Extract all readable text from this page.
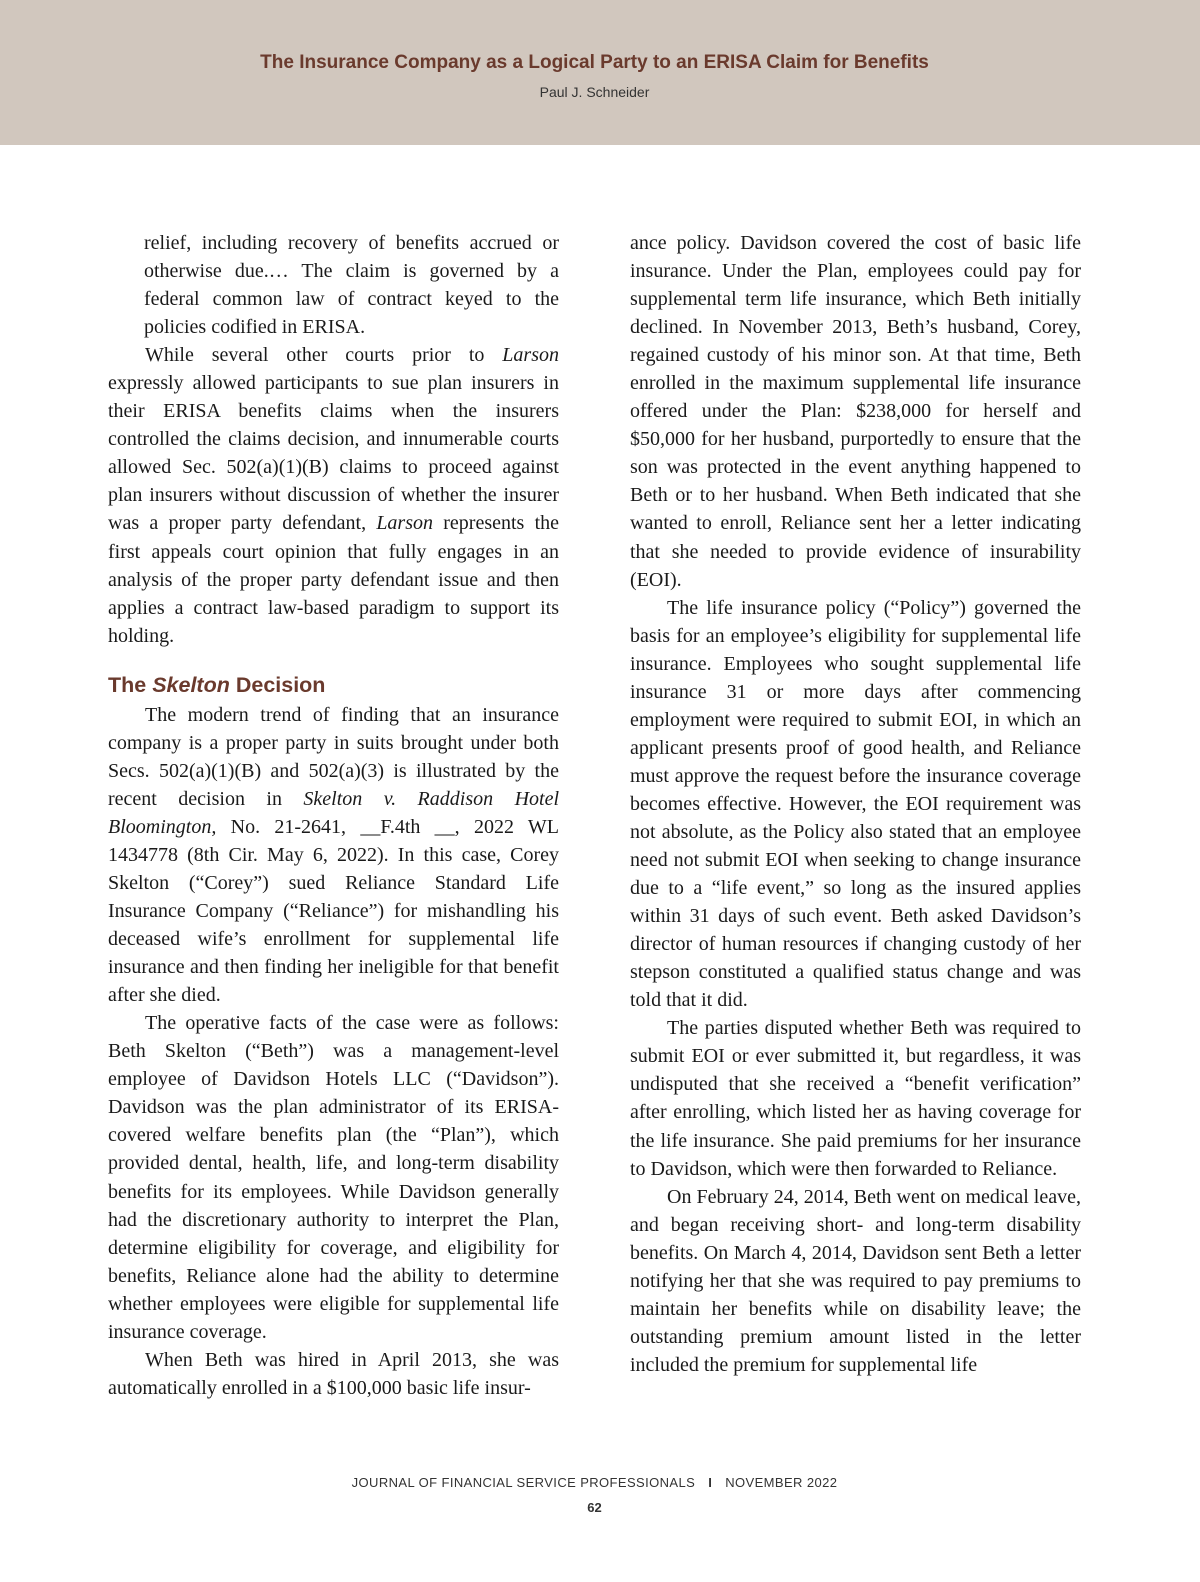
The Insurance Company as a Logical Party to an ERISA Claim for Benefits
Paul J. Schneider

relief, including recovery of benefits accrued or otherwise due.… The claim is governed by a federal common law of contract keyed to the policies codified in ERISA.

While several other courts prior to Larson expressly allowed participants to sue plan insurers in their ERISA benefits claims when the insurers controlled the claims decision, and innumerable courts allowed Sec. 502(a)(1)(B) claims to proceed against plan insurers without discussion of whether the insurer was a proper party defendant, Larson represents the first appeals court opinion that fully engages in an analysis of the proper party defendant issue and then applies a contract law-based paradigm to support its holding.

The Skelton Decision

The modern trend of finding that an insurance company is a proper party in suits brought under both Secs. 502(a)(1)(B) and 502(a)(3) is illustrated by the recent decision in Skelton v. Raddison Hotel Bloomington, No. 21-2641, __F.4th __, 2022 WL 1434778 (8th Cir. May 6, 2022). In this case, Corey Skelton (“Corey”) sued Reliance Standard Life Insurance Company (“Reliance”) for mishandling his deceased wife’s enrollment for supplemental life insurance and then finding her ineligible for that benefit after she died.

The operative facts of the case were as follows: Beth Skelton (“Beth”) was a management-level employee of Davidson Hotels LLC (“Davidson”). Davidson was the plan administrator of its ERISA-covered welfare benefits plan (the “Plan”), which provided dental, health, life, and long-term disability benefits for its employees. While Davidson generally had the discretionary authority to interpret the Plan, determine eligibility for coverage, and eligibility for benefits, Reliance alone had the ability to determine whether employees were eligible for supplemental life insurance coverage.

When Beth was hired in April 2013, she was automatically enrolled in a $100,000 basic life insur-

ance policy. Davidson covered the cost of basic life insurance. Under the Plan, employees could pay for supplemental term life insurance, which Beth initially declined. In November 2013, Beth’s husband, Corey, regained custody of his minor son. At that time, Beth enrolled in the maximum supplemental life insurance offered under the Plan: $238,000 for herself and $50,000 for her husband, purportedly to ensure that the son was protected in the event anything happened to Beth or to her husband. When Beth indicated that she wanted to enroll, Reliance sent her a letter indicating that she needed to provide evidence of insurability (EOI).

The life insurance policy (“Policy”) governed the basis for an employee’s eligibility for supplemental life insurance. Employees who sought supplemental life insurance 31 or more days after commencing employment were required to submit EOI, in which an applicant presents proof of good health, and Reliance must approve the request before the insurance coverage becomes effective. However, the EOI requirement was not absolute, as the Policy also stated that an employee need not submit EOI when seeking to change insurance due to a “life event,” so long as the insured applies within 31 days of such event. Beth asked Davidson’s director of human resources if changing custody of her stepson constituted a qualified status change and was told that it did.

The parties disputed whether Beth was required to submit EOI or ever submitted it, but regardless, it was undisputed that she received a “benefit verification” after enrolling, which listed her as having coverage for the life insurance. She paid premiums for her insurance to Davidson, which were then forwarded to Reliance.

On February 24, 2014, Beth went on medical leave, and began receiving short- and long-term disability benefits. On March 4, 2014, Davidson sent Beth a letter notifying her that she was required to pay premiums to maintain her benefits while on disability leave; the outstanding premium amount listed in the letter included the premium for supplemental life

JOURNAL OF FINANCIAL SERVICE PROFESSIONALS I NOVEMBER 2022
62
